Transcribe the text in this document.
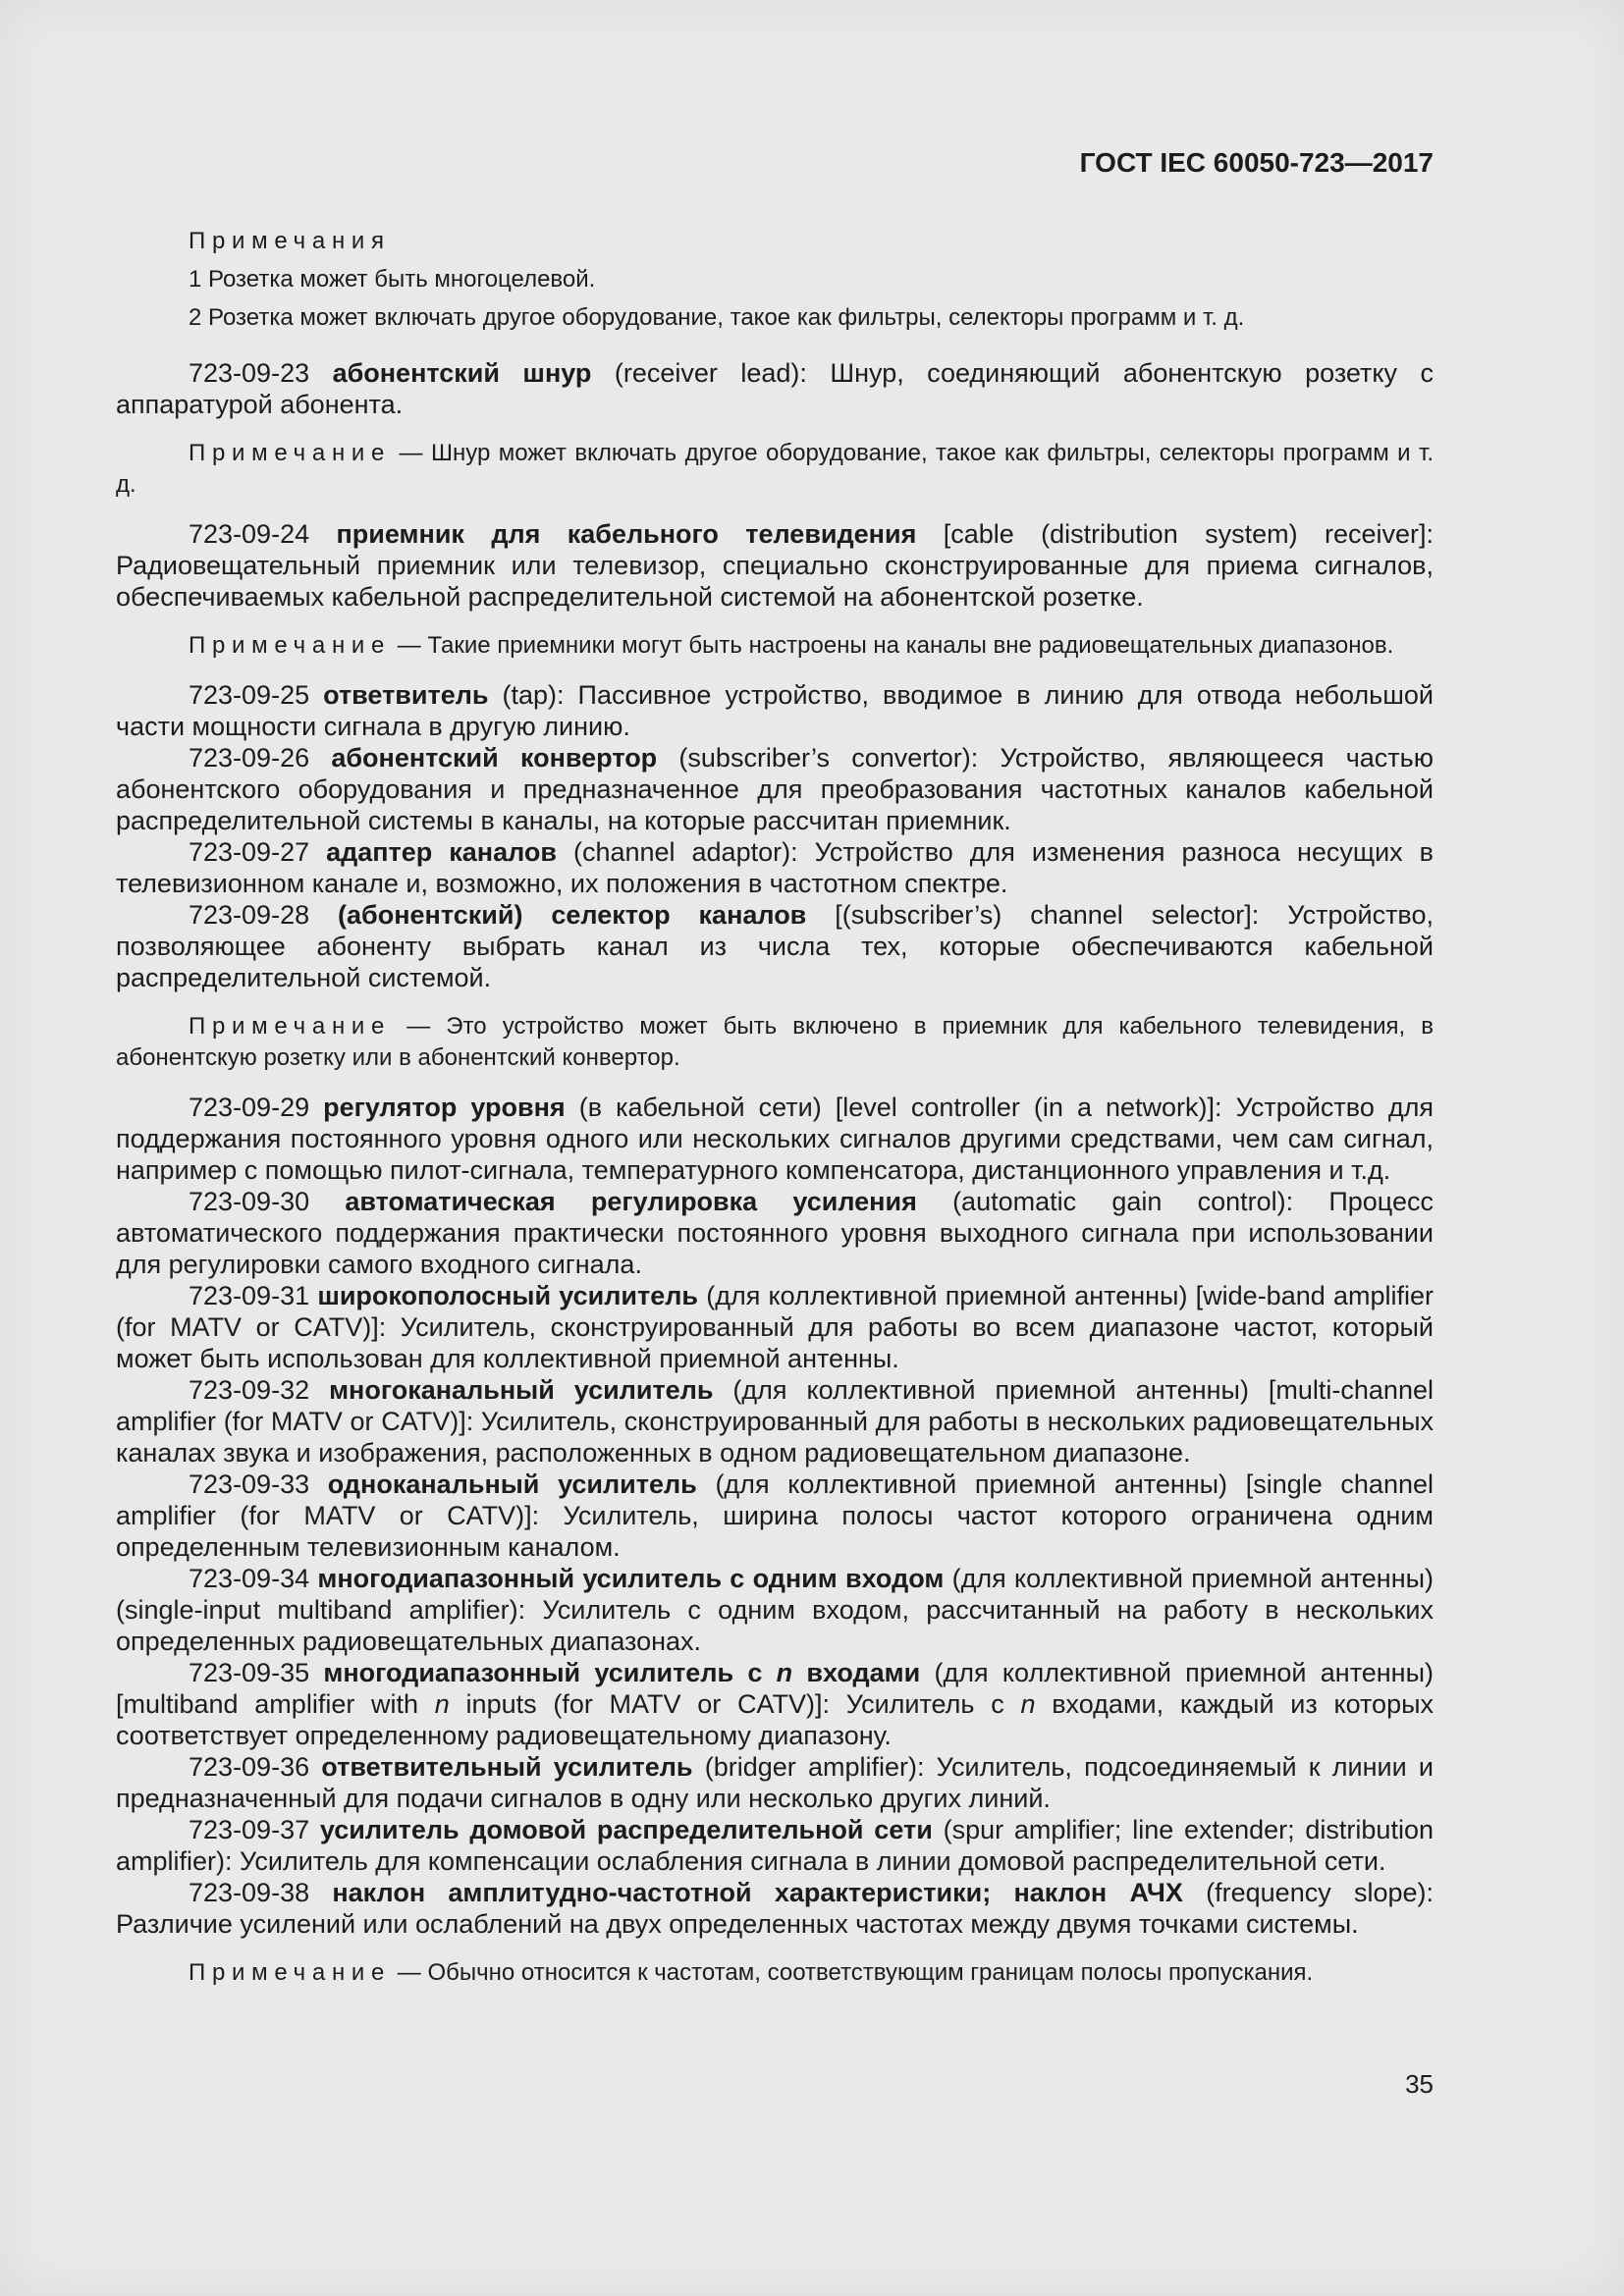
ГОСТ IEC 60050-723—2017

Примечания

1 Розетка может быть многоцелевой.

2 Розетка может включать другое оборудование, такое как фильтры, селекторы программ и т. д.

723-09-23 абонентский шнур (receiver lead): Шнур, соединяющий абонентскую розетку с аппаратурой абонента.

Примечание — Шнур может включать другое оборудование, такое как фильтры, селекторы программ и т. д.

723-09-24 приемник для кабельного телевидения [cable (distribution system) receiver]: Радиовещательный приемник или телевизор, специально сконструированные для приема сигналов, обеспечиваемых кабельной распределительной системой на абонентской розетке.

Примечание — Такие приемники могут быть настроены на каналы вне радиовещательных диапазонов.

723-09-25 ответвитель (tap): Пассивное устройство, вводимое в линию для отвода небольшой части мощности сигнала в другую линию.

723-09-26 абонентский конвертор (subscriber’s convertor): Устройство, являющееся частью абонентского оборудования и предназначенное для преобразования частотных каналов кабельной распределительной системы в каналы, на которые рассчитан приемник.

723-09-27 адаптер каналов (channel adaptor): Устройство для изменения разноса несущих в телевизионном канале и, возможно, их положения в частотном спектре.

723-09-28 (абонентский) селектор каналов [(subscriber’s) channel selector]: Устройство, позволяющее абоненту выбрать канал из числа тех, которые обеспечиваются кабельной распределительной системой.

Примечание — Это устройство может быть включено в приемник для кабельного телевидения, в абонентскую розетку или в абонентский конвертор.

723-09-29 регулятор уровня (в кабельной сети) [level controller (in a network)]: Устройство для поддержания постоянного уровня одного или нескольких сигналов другими средствами, чем сам сигнал, например с помощью пилот-сигнала, температурного компенсатора, дистанционного управления и т.д.

723-09-30 автоматическая регулировка усиления (automatic gain control): Процесс автоматического поддержания практически постоянного уровня выходного сигнала при использовании для регулировки самого входного сигнала.

723-09-31 широкополосный усилитель (для коллективной приемной антенны) [wide-band amplifier (for MATV or CATV)]: Усилитель, сконструированный для работы во всем диапазоне частот, который может быть использован для коллективной приемной антенны.

723-09-32 многоканальный усилитель (для коллективной приемной антенны) [multi-channel amplifier (for MATV or CATV)]: Усилитель, сконструированный для работы в нескольких радиовещательных каналах звука и изображения, расположенных в одном радиовещательном диапазоне.

723-09-33 одноканальный усилитель (для коллективной приемной антенны) [single channel amplifier (for MATV or CATV)]: Усилитель, ширина полосы частот которого ограничена одним определенным телевизионным каналом.

723-09-34 многодиапазонный усилитель с одним входом (для коллективной приемной антенны) (single-input multiband amplifier): Усилитель с одним входом, рассчитанный на работу в нескольких определенных радиовещательных диапазонах.

723-09-35 многодиапазонный усилитель с n входами (для коллективной приемной антенны) [multiband amplifier with n inputs (for MATV or CATV)]: Усилитель с n входами, каждый из которых соответствует определенному радиовещательному диапазону.

723-09-36 ответвительный усилитель (bridger amplifier): Усилитель, подсоединяемый к линии и предназначенный для подачи сигналов в одну или несколько других линий.

723-09-37 усилитель домовой распределительной сети (spur amplifier; line extender; distribution amplifier): Усилитель для компенсации ослабления сигнала в линии домовой распределительной сети.

723-09-38 наклон амплитудно-частотной характеристики; наклон АЧХ (frequency slope): Различие усилений или ослаблений на двух определенных частотах между двумя точками системы.

Примечание — Обычно относится к частотам, соответствующим границам полосы пропускания.

35
